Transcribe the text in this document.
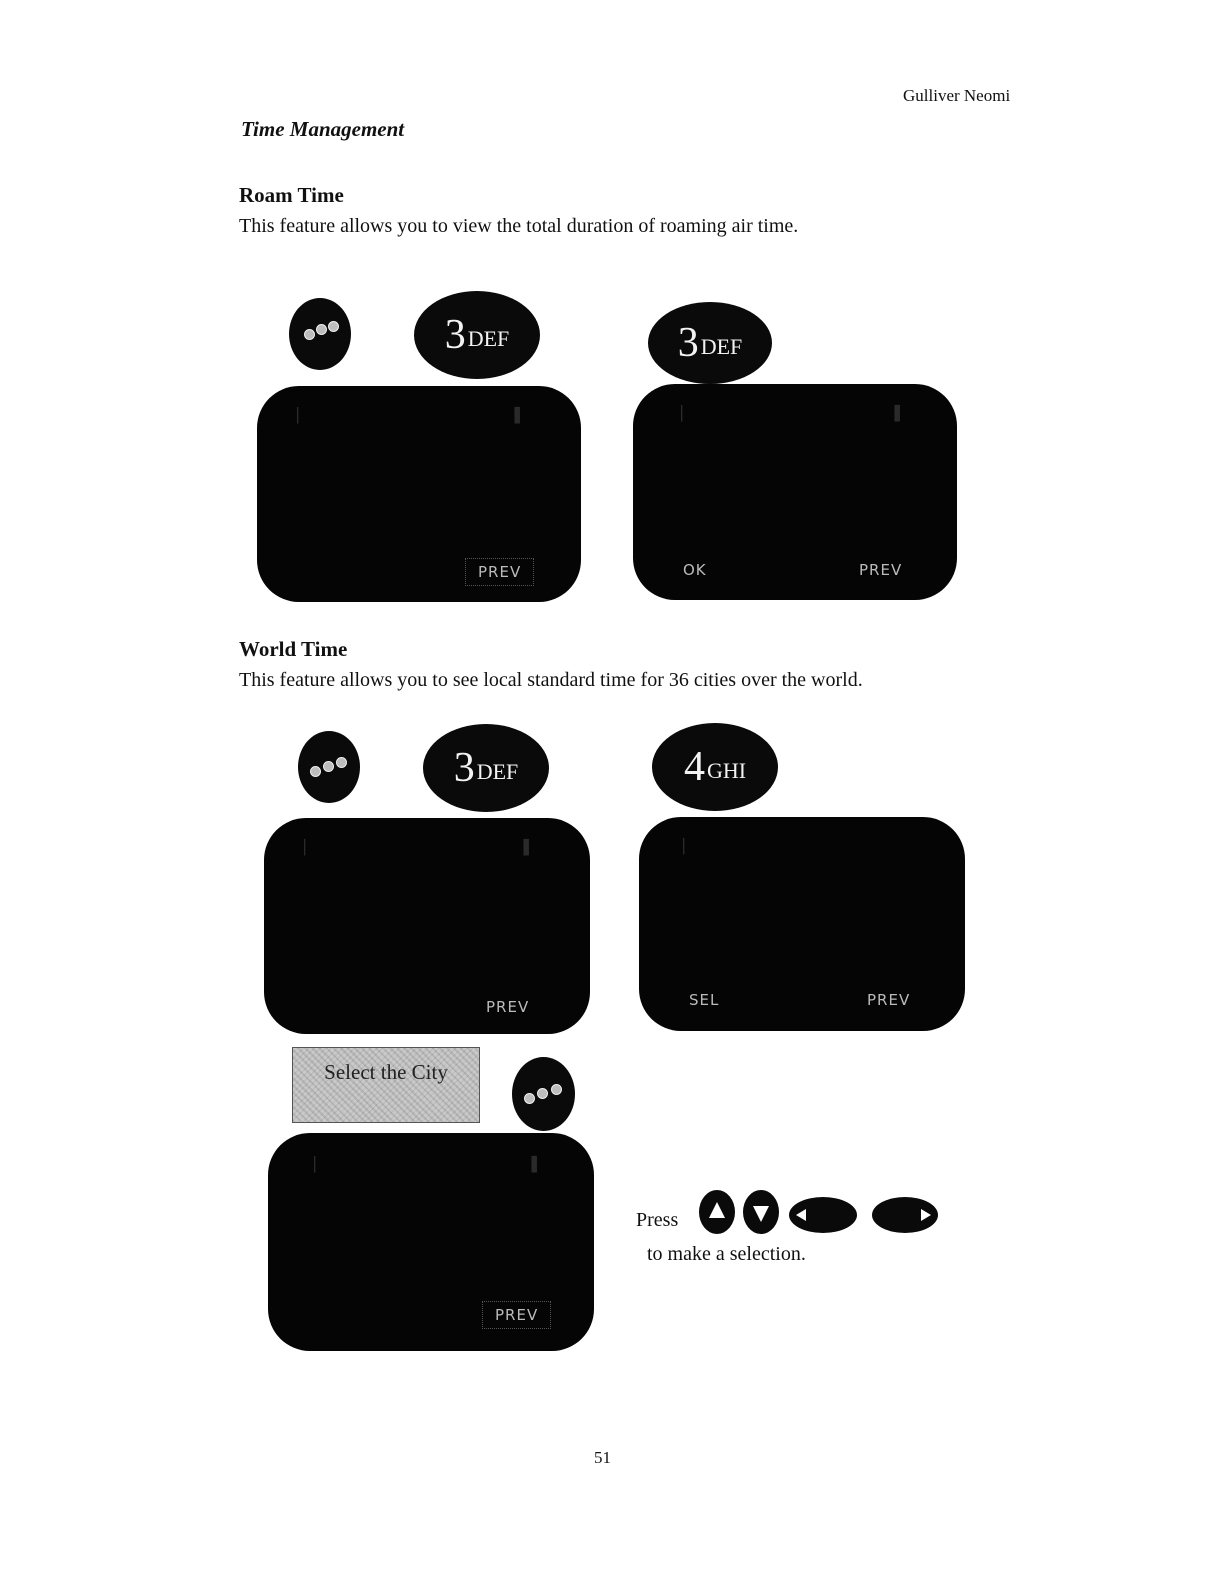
Gulliver Neomi
Time Management
Roam Time
This feature allows you to view the total duration of roaming air time.
3 DEF	3 DEF
▏	▐
PREV
▏	▐
OK	PREV
World Time
This feature allows you to see local standard time for 36 cities over the world.
3 DEF	4 GHI
▏	▐
PREV
▏
SEL	PREV
Select the City
▏	▐
PREV
Press
to make a selection.
51
